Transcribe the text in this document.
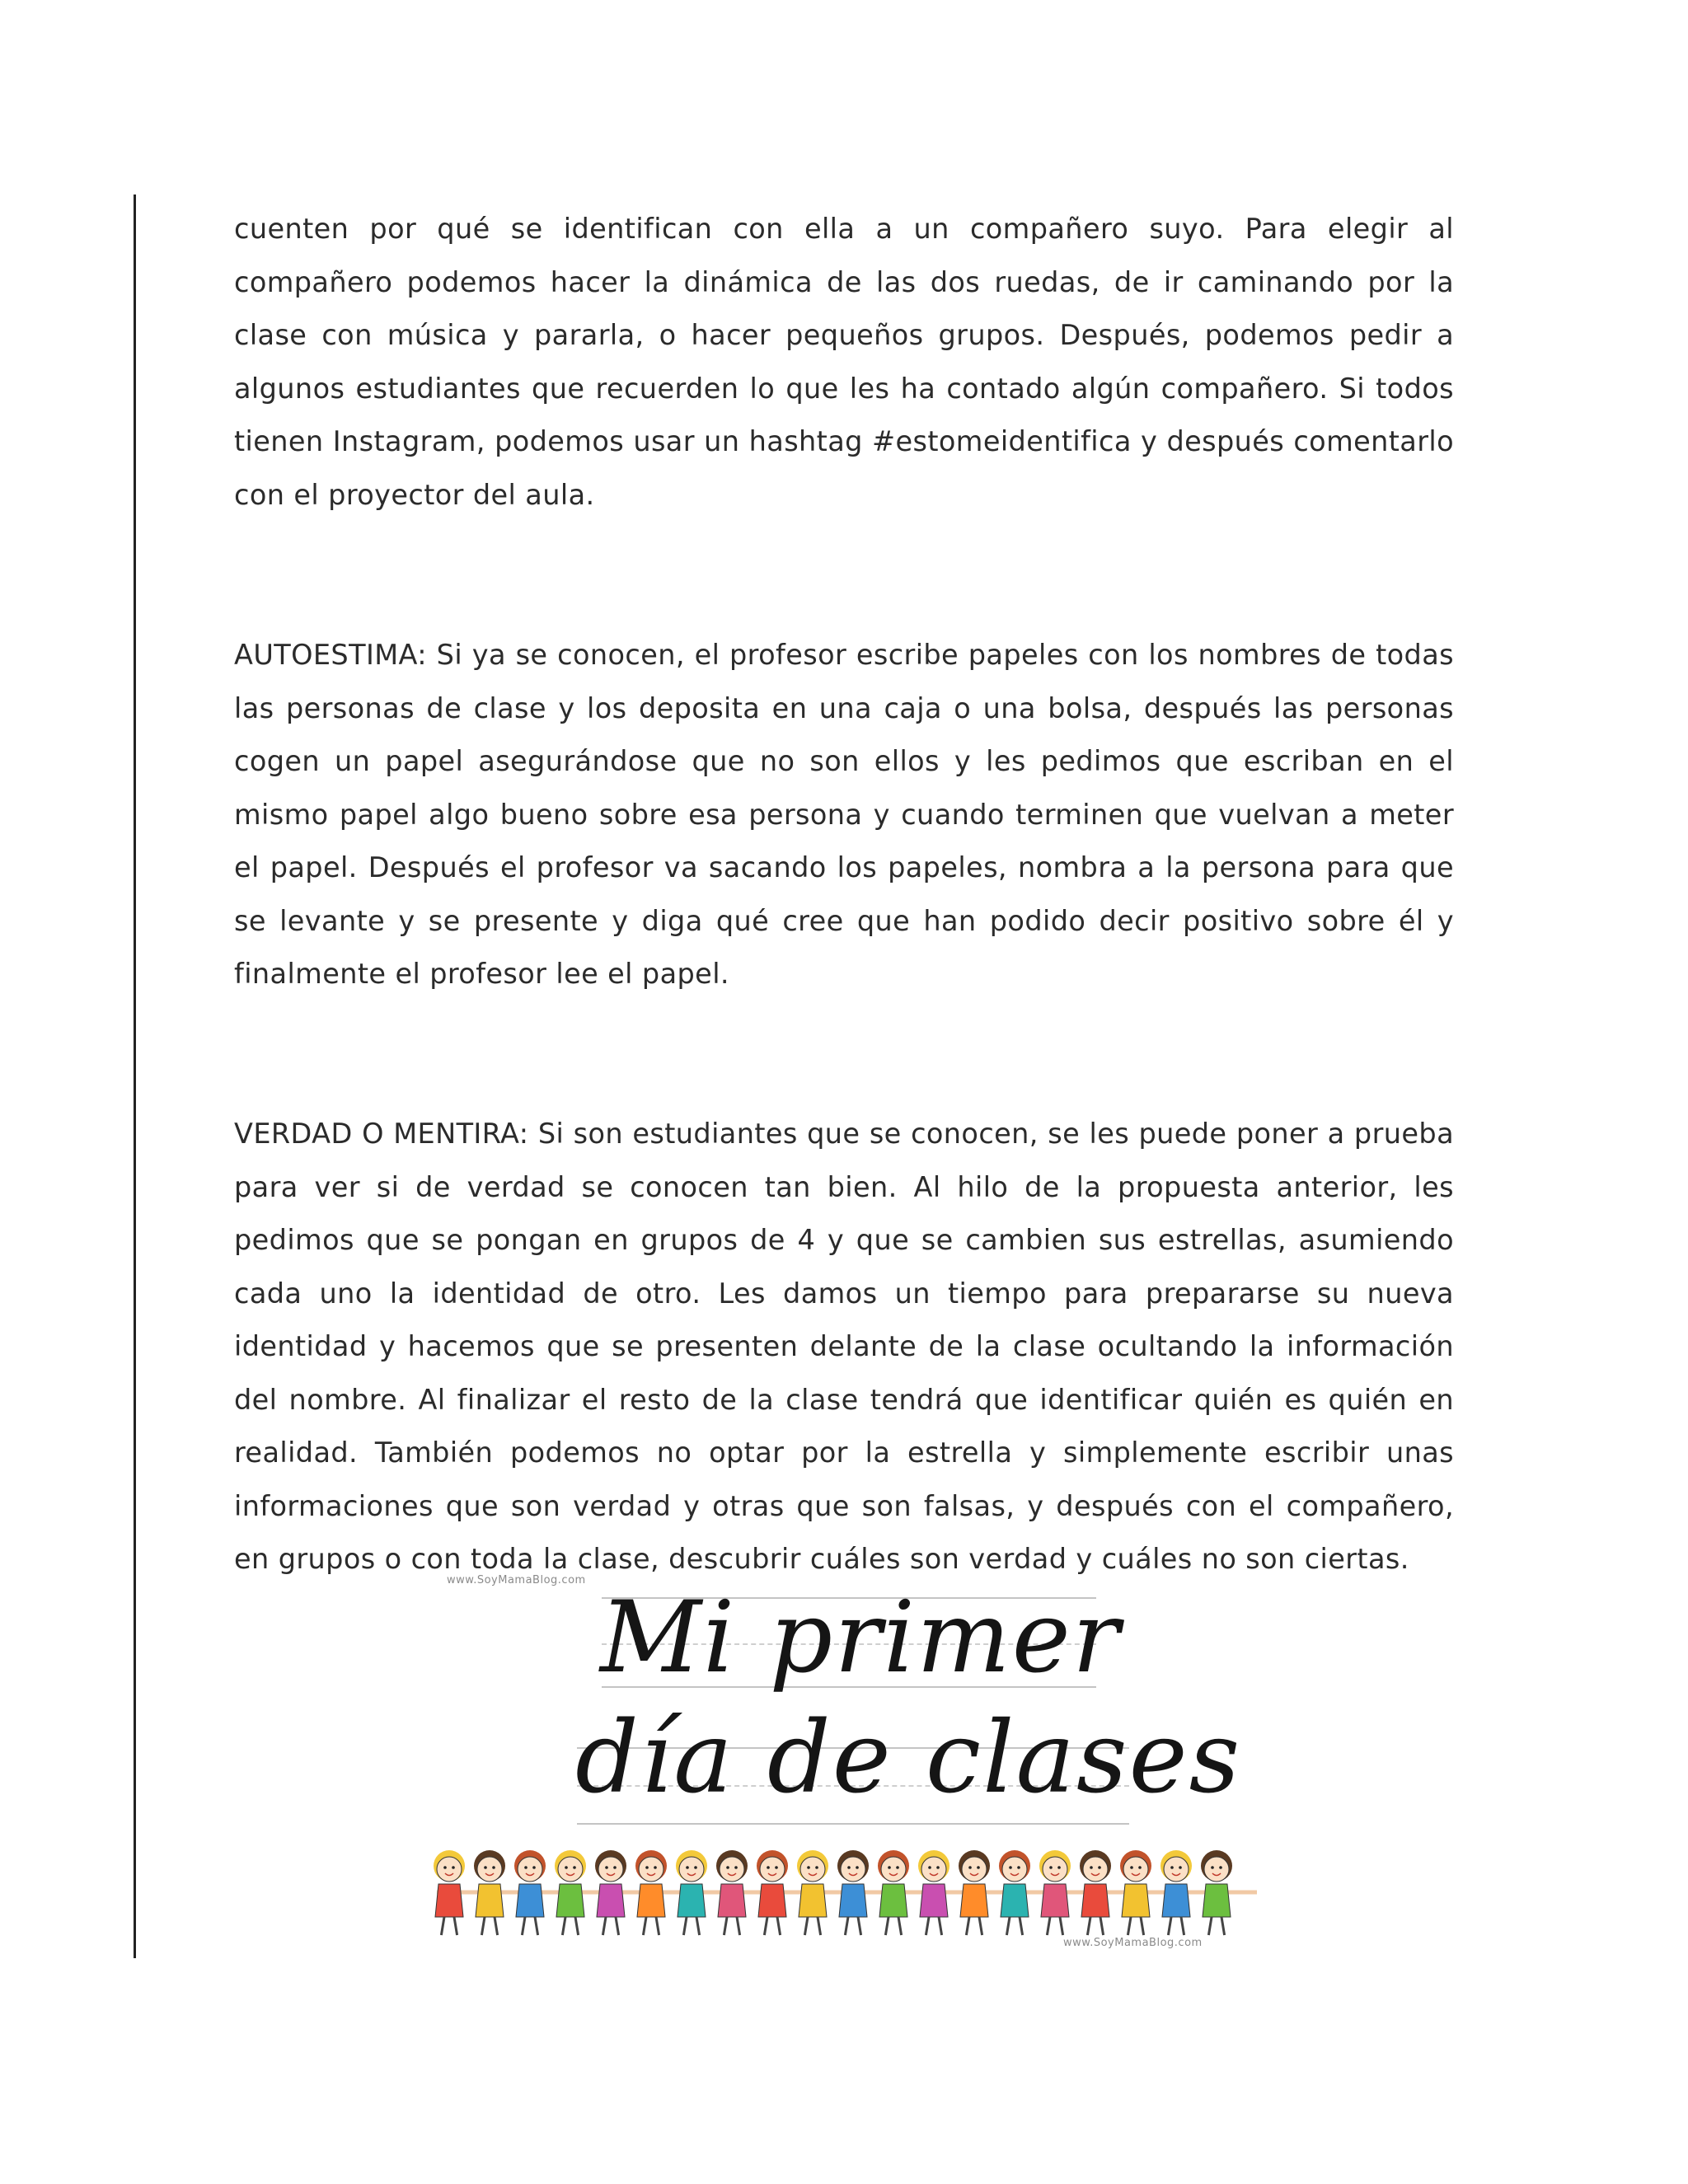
cuenten por qué se identifican con ella a un compañero suyo. Para elegir al compañero podemos hacer la dinámica de las dos ruedas, de ir caminando por la clase con música y pararla, o hacer pequeños grupos. Después, podemos pedir a algunos estudiantes que recuerden lo que les ha contado algún compañero. Si todos tienen Instagram, podemos usar un hashtag #estomeidentifica y después comentarlo con el proyector del aula.

AUTOESTIMA: Si ya se conocen, el profesor escribe papeles con los nombres de todas las personas de clase y los deposita en una caja o una bolsa, después las personas cogen un papel asegurándose que no son ellos y les pedimos que escriban en el mismo papel algo bueno sobre esa persona y cuando terminen que vuelvan a meter el papel. Después el profesor va sacando los papeles, nombra a la persona para que se levante y se presente y diga qué cree que han podido decir positivo sobre él y finalmente el profesor lee el papel.

VERDAD O MENTIRA: Si son estudiantes que se conocen, se les puede poner a prueba para ver si de verdad se conocen tan bien. Al hilo de la propuesta anterior, les pedimos que se pongan en grupos de 4 y que se cambien sus estrellas, asumiendo cada uno la identidad de otro. Les damos un tiempo para prepararse su nueva identidad y hacemos que se presenten delante de la clase ocultando la información del nombre. Al finalizar el resto de la clase tendrá que identificar quién es quién en realidad. También podemos no optar por la estrella y simplemente escribir unas informaciones que son verdad y otras que son falsas, y después con el compañero, en grupos o con toda la clase, descubrir cuáles son verdad y cuáles no son ciertas.

www.SoyMamaBlog.com
Mi primer
día de clases
www.SoyMamaBlog.com
